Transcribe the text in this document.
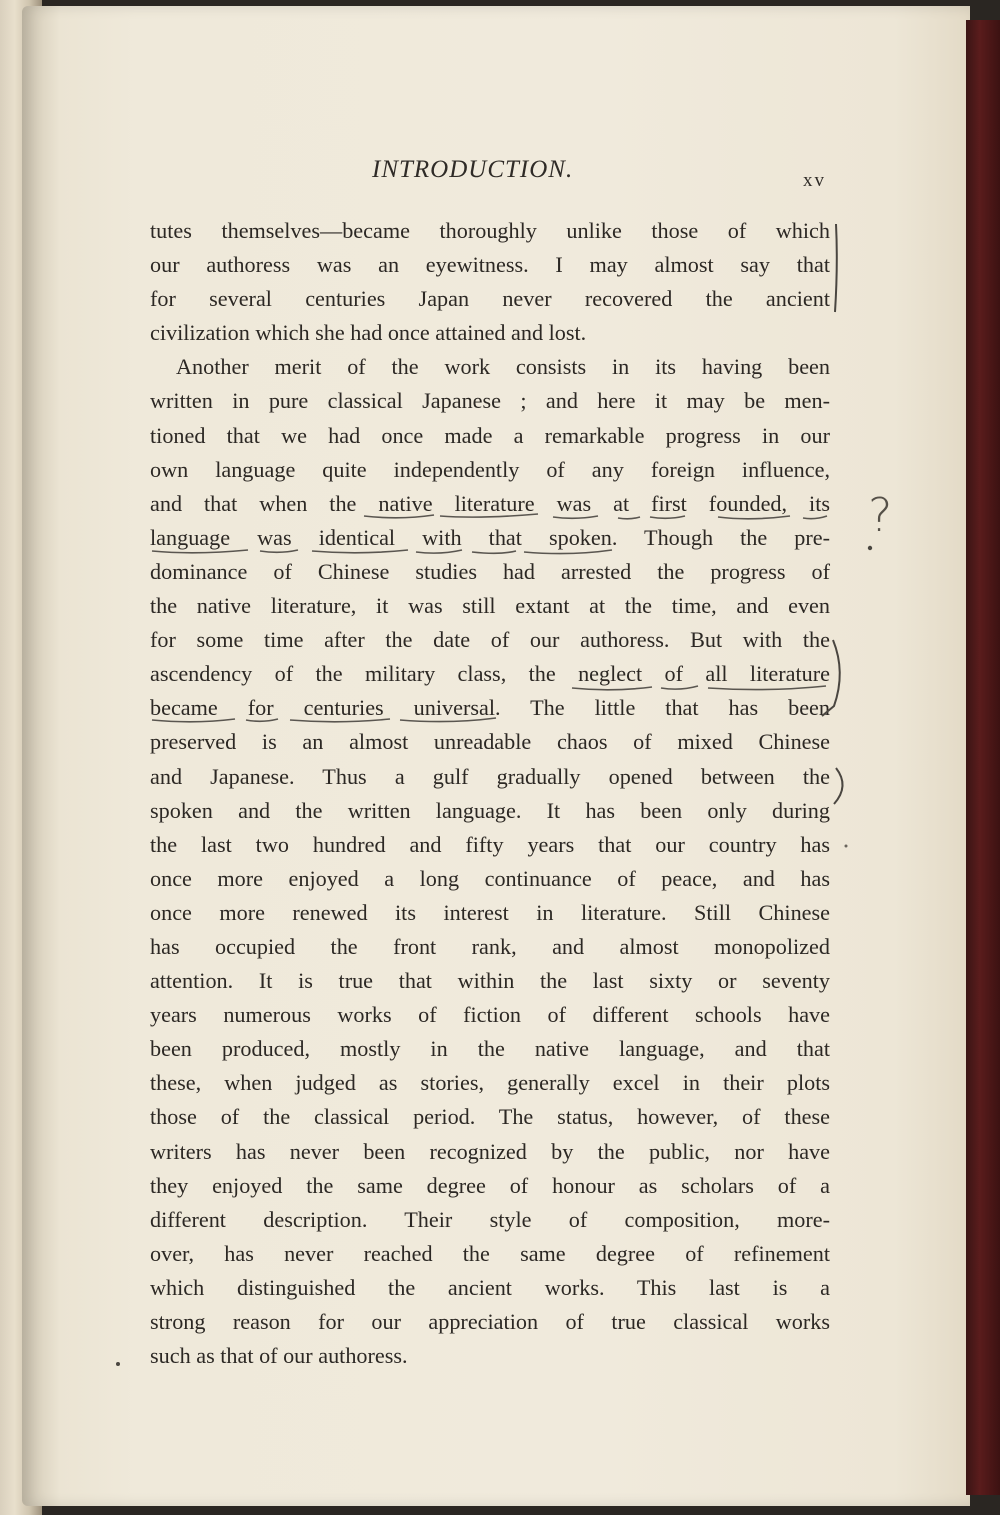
INTRODUCTION.	xv
tutes themselves—became thoroughly unlike those of which
our authoress was an eyewitness. I may almost say that
for several centuries Japan never recovered the ancient
civilization which she had once attained and lost.
Another merit of the work consists in its having been
written in pure classical Japanese ; and here it may be men-
tioned that we had once made a remarkable progress in our
own language quite independently of any foreign influence,
and that when the native literature was at first founded, its
language was identical with that spoken. Though the pre-
dominance of Chinese studies had arrested the progress of
the native literature, it was still extant at the time, and even
for some time after the date of our authoress. But with the
ascendency of the military class, the neglect of all literature
became for centuries universal. The little that has been
preserved is an almost unreadable chaos of mixed Chinese
and Japanese. Thus a gulf gradually opened between the
spoken and the written language. It has been only during
the last two hundred and fifty years that our country has
once more enjoyed a long continuance of peace, and has
once more renewed its interest in literature. Still Chinese
has occupied the front rank, and almost monopolized
attention. It is true that within the last sixty or seventy
years numerous works of fiction of different schools have
been produced, mostly in the native language, and that
these, when judged as stories, generally excel in their plots
those of the classical period. The status, however, of these
writers has never been recognized by the public, nor have
they enjoyed the same degree of honour as scholars of a
different description. Their style of composition, more-
over, has never reached the same degree of refinement
which distinguished the ancient works. This last is a
strong reason for our appreciation of true classical works
such as that of our authoress.
?
